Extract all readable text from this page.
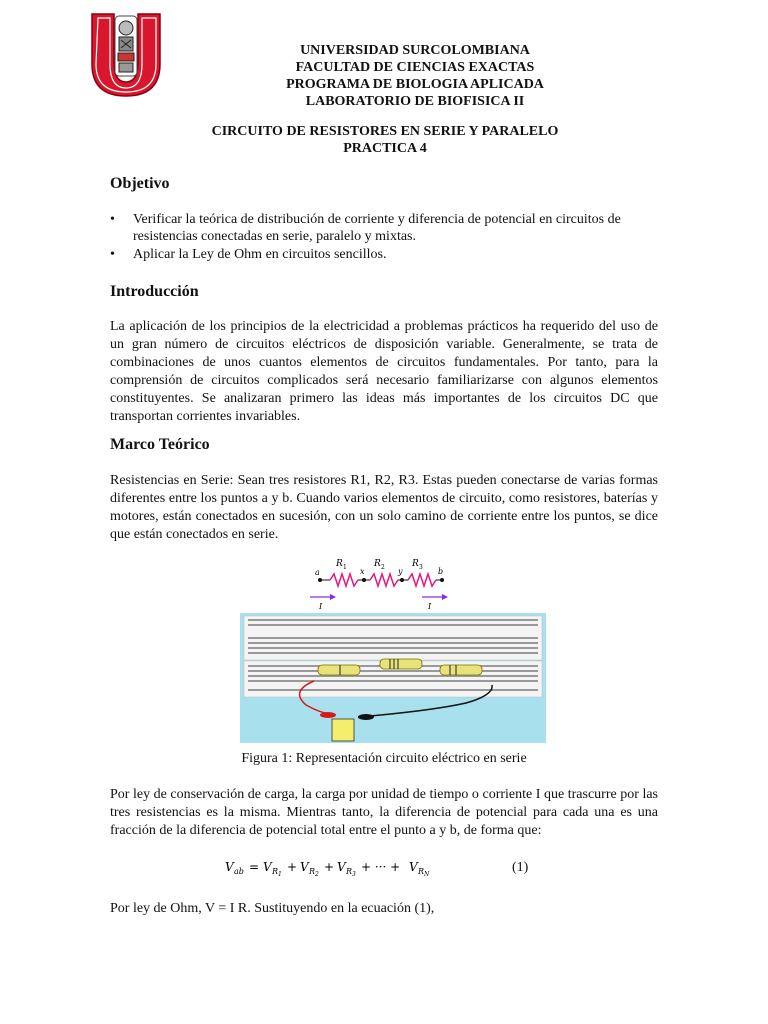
UNIVERSIDAD SURCOLOMBIANA
FACULTAD DE CIENCIAS EXACTAS
PROGRAMA DE BIOLOGIA APLICADA
LABORATORIO DE BIOFISICA II
CIRCUITO DE RESISTORES EN SERIE Y PARALELO
PRACTICA 4
Objetivo
• Verificar la teórica de distribución de corriente y diferencia de potencial en circuitos de resistencias conectadas en serie, paralelo y mixtas.
• Aplicar la Ley de Ohm en circuitos sencillos.
Introducción
La aplicación de los principios de la electricidad a problemas prácticos ha requerido del uso de un gran número de circuitos eléctricos de disposición variable. Generalmente, se trata de combinaciones de unos cuantos elementos de circuitos fundamentales. Por tanto, para la comprensión de circuitos complicados será necesario familiarizarse con algunos elementos constituyentes. Se analizaran primero las ideas más importantes de los circuitos DC que transportan corrientes invariables.
Marco Teórico
Resistencias en Serie: Sean tres resistores R1, R2, R3. Estas pueden conectarse de varias formas diferentes entre los puntos a y b. Cuando varios elementos de circuito, como resistores, baterías y motores, están conectados en sucesión, con un solo camino de corriente entre los puntos, se dice que están conectados en serie.
a	x	y	b
R 1	R 2	R 3
I	I
Figura 1: Representación circuito eléctrico en serie
Por ley de conservación de carga, la carga por unidad de tiempo o corriente I que trascurre por las tres resistencias es la misma. Mientras tanto, la diferencia de potencial para cada una es una fracción de la diferencia de potencial total entre el punto a y b, de forma que:
V ab = V R 1
+ V R 2
+ V R 3
+ ··· + V R N	(1)
Por ley de Ohm, V = I R. Sustituyendo en la ecuación (1),
